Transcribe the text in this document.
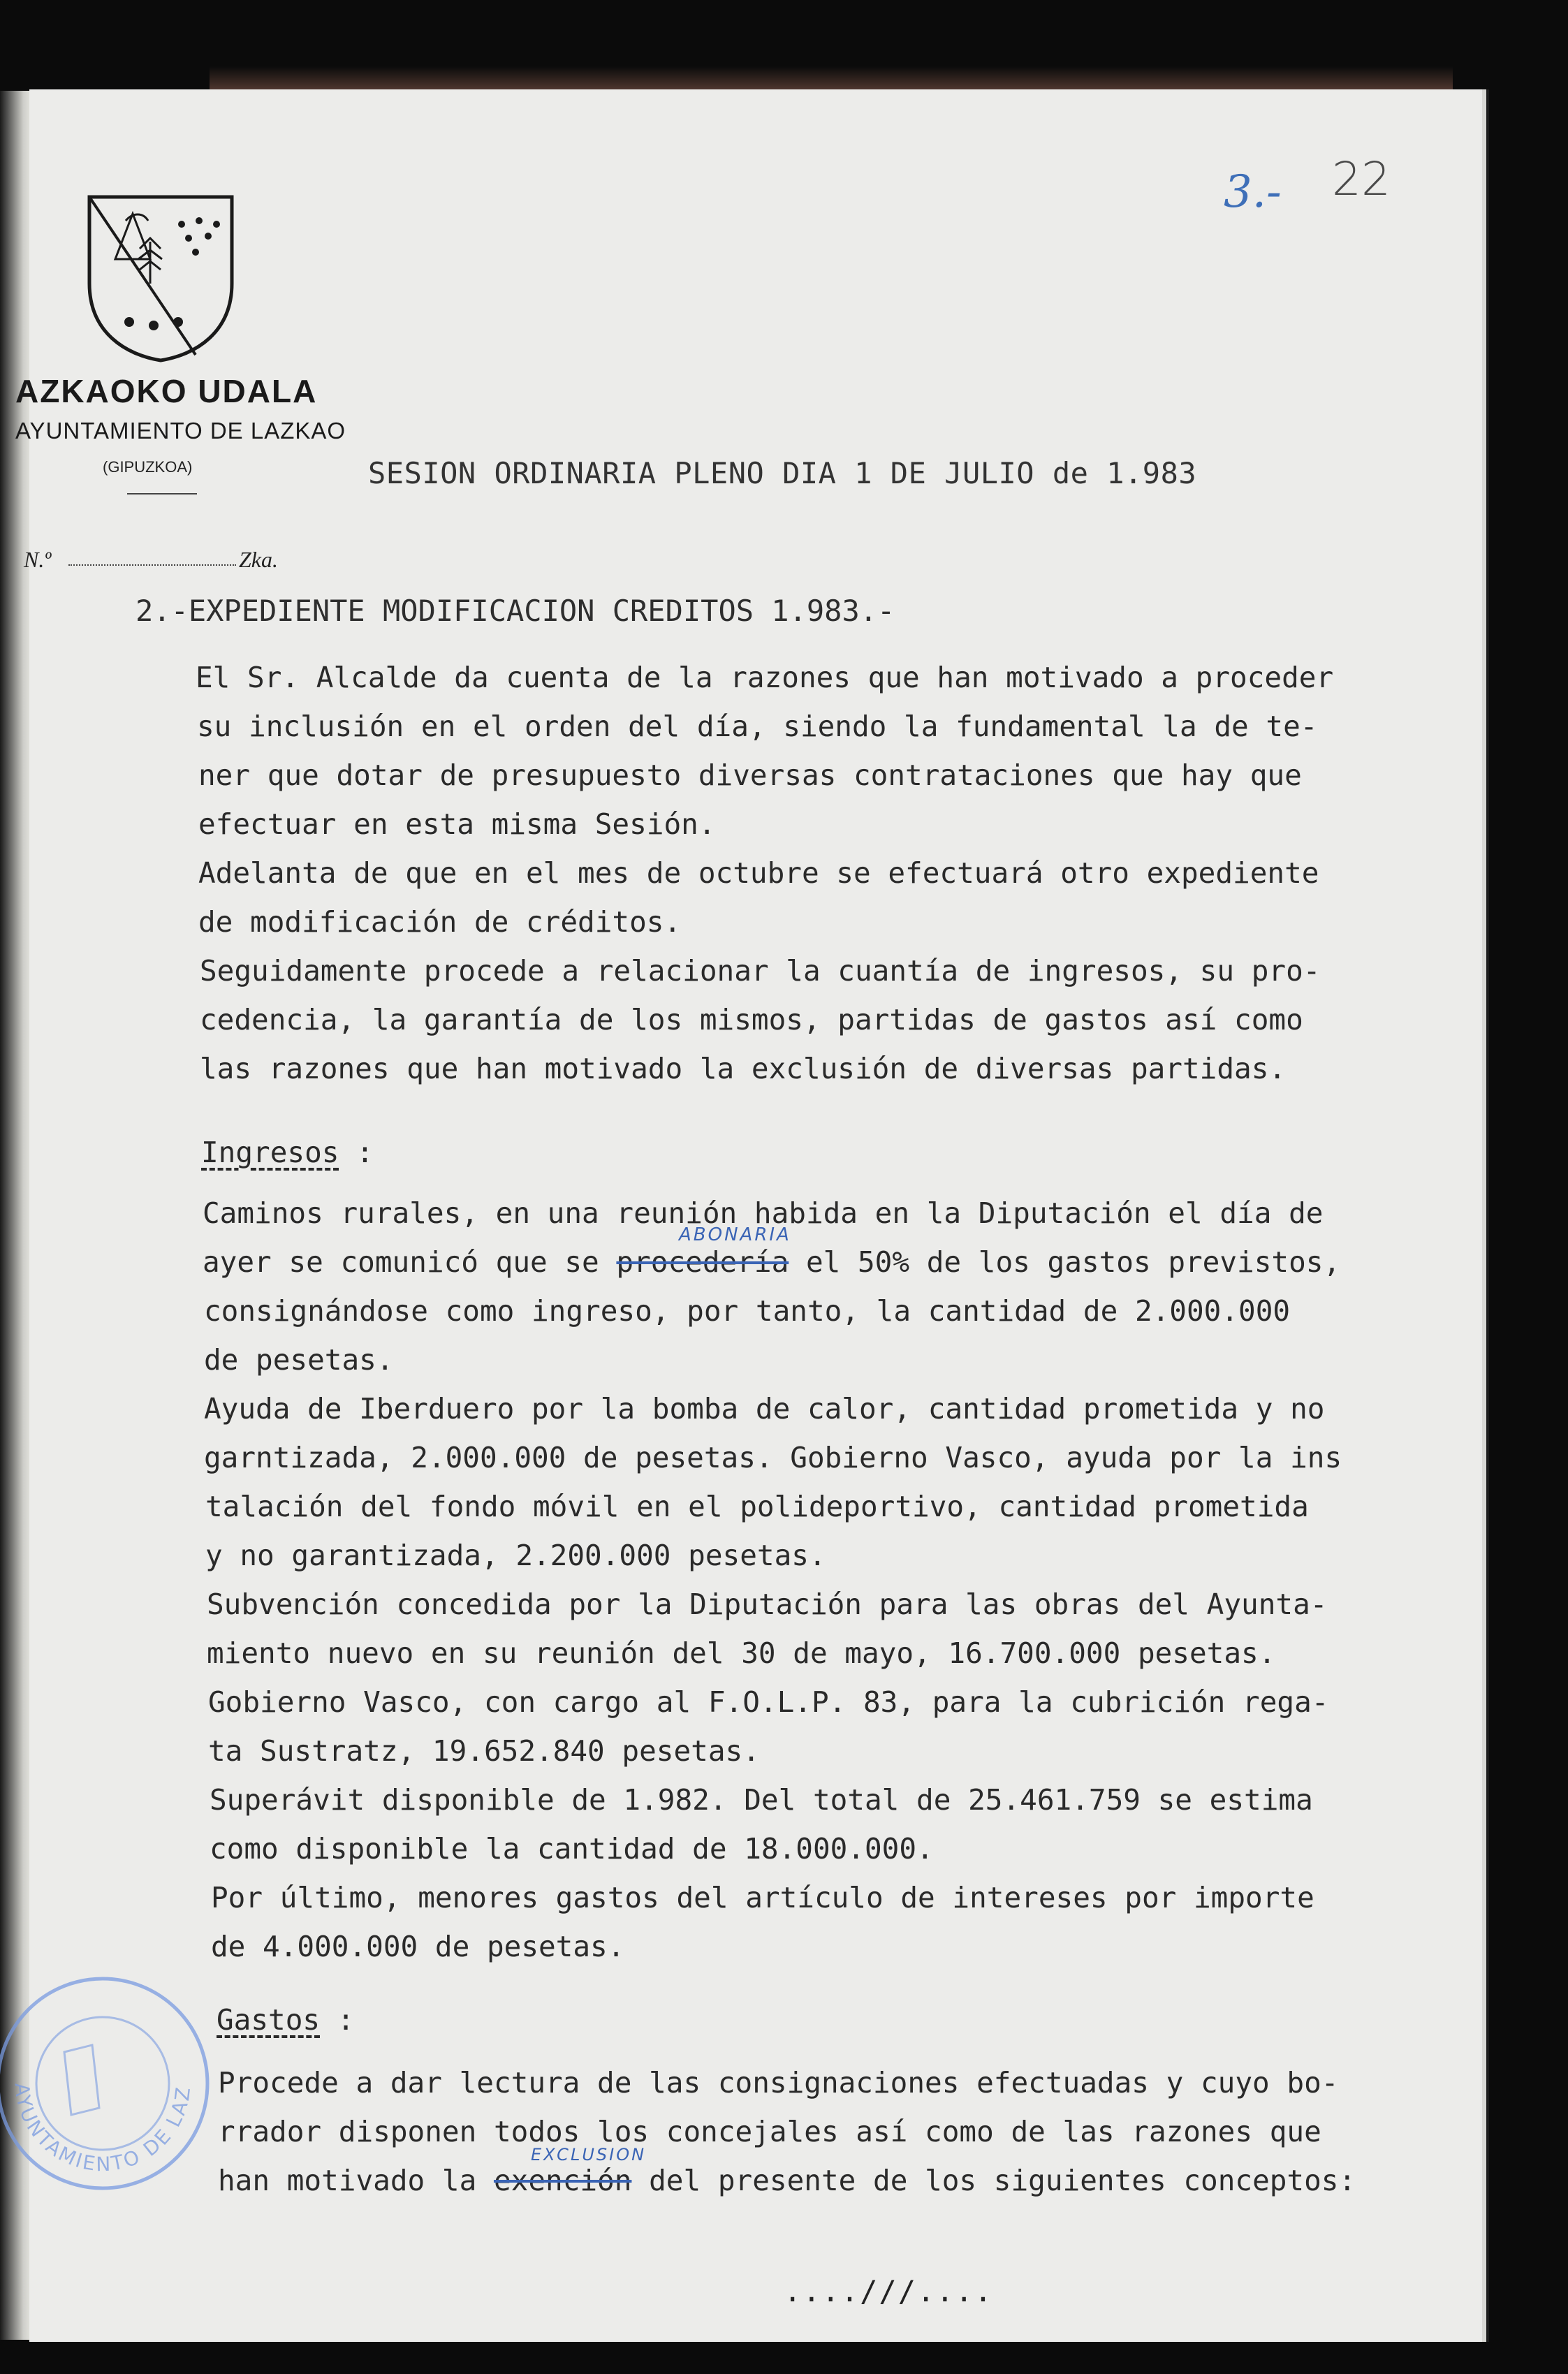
3.- 22
AZKAOKO UDALA
AYUNTAMIENTO DE LAZKAO
(GIPUZKOA)
N.º	Zka.
SESION ORDINARIA PLENO DIA 1 DE JULIO de 1.983
2.-EXPEDIENTE MODIFICACION CREDITOS 1.983.-
El Sr. Alcalde da cuenta de la razones que han motivado a proceder
su inclusión en el orden del día, siendo la fundamental la de te-
ner que dotar de presupuesto diversas contrataciones que hay que
efectuar en esta misma Sesión.
Adelanta de que en el mes de octubre se efectuará otro expediente
de modificación de créditos.
Seguidamente procede a relacionar la cuantía de ingresos, su pro-
cedencia, la garantía de los mismos, partidas de gastos así como
las razones que han motivado la exclusión de diversas partidas.
Ingresos :
Caminos rurales, en una reunión habida en la Diputación el día de
ayer se comunicó que se procedería el 50% de los gastos previstos,
ABONARIA
consignándose como ingreso, por tanto, la cantidad de 2.000.000
de pesetas.
Ayuda de Iberduero por la bomba de calor, cantidad prometida y no
garntizada, 2.000.000 de pesetas. Gobierno Vasco, ayuda por la ins
talación del fondo móvil en el polideportivo, cantidad prometida
y no garantizada, 2.200.000 pesetas.
Subvención concedida por la Diputación para las obras del Ayunta-
miento nuevo en su reunión del 30 de mayo, 16.700.000 pesetas.
Gobierno Vasco, con cargo al F.O.L.P. 83, para la cubrición rega-
ta Sustratz, 19.652.840 pesetas.
Superávit disponible de 1.982. Del total de 25.461.759 se estima
como disponible la cantidad de 18.000.000.
Por último, menores gastos del artículo de intereses por importe
de 4.000.000 de pesetas.
Gastos :
Procede a dar lectura de las consignaciones efectuadas y cuyo bo-
rrador disponen todos los concejales así como de las razones que
han motivado la exención del presente de los siguientes conceptos:
EXCLUSION
AYUNTAMIENTO DE LAZ
....///....
